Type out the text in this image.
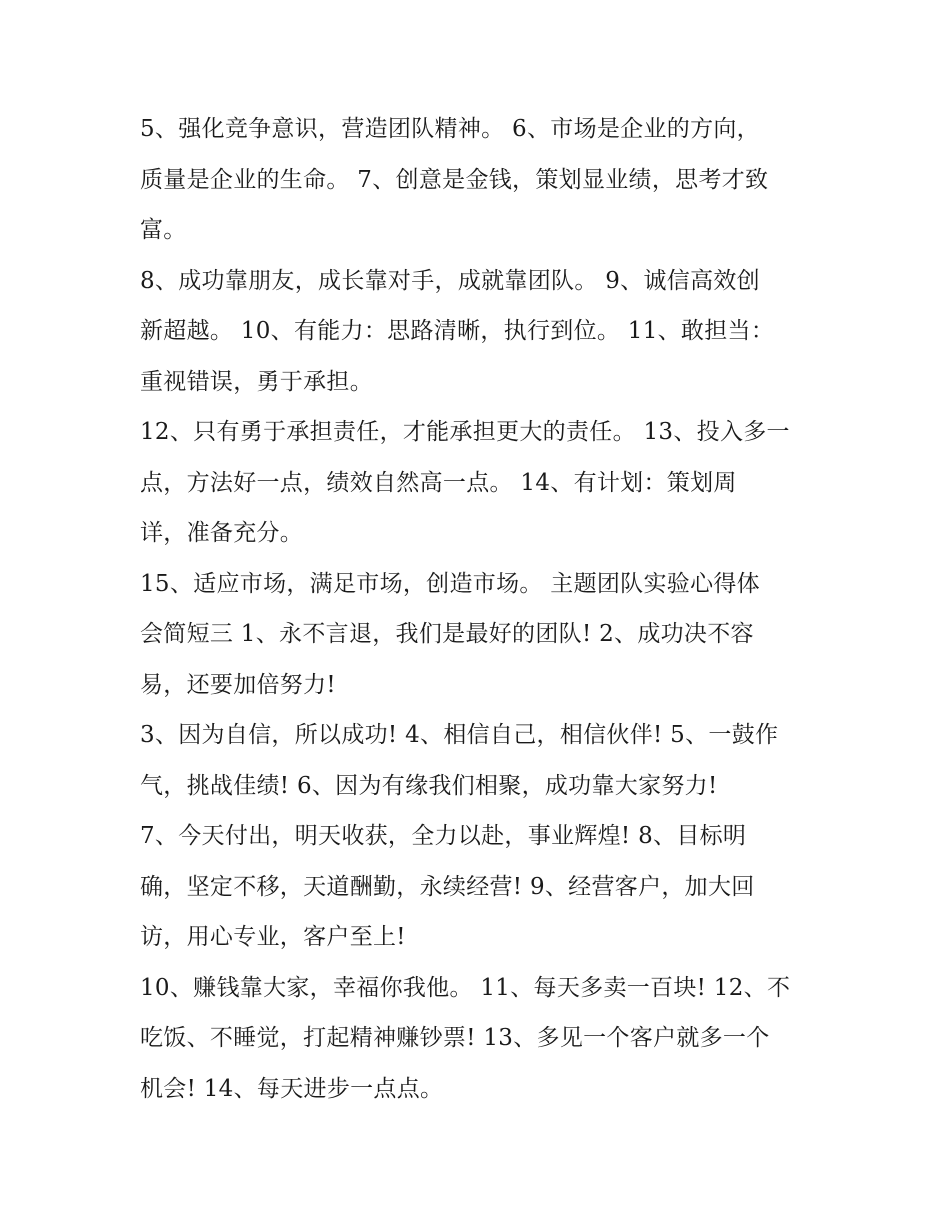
5、强化竞争意识，营造团队精神。 6、市场是企业的方向，
质量是企业的生命。 7、创意是金钱，策划显业绩，思考才致
富。
8、成功靠朋友，成长靠对手，成就靠团队。 9、诚信高效创
新超越。 10、有能力：思路清晰，执行到位。 11、敢担当：
重视错误，勇于承担。
12、只有勇于承担责任，才能承担更大的责任。 13、投入多一
点，方法好一点，绩效自然高一点。 14、有计划：策划周
详，准备充分。
15、适应市场，满足市场，创造市场。 主题团队实验心得体
会简短三 1、永不言退，我们是最好的团队! 2、成功决不容
易，还要加倍努力!
3、因为自信，所以成功! 4、相信自己，相信伙伴! 5、一鼓作
气，挑战佳绩! 6、因为有缘我们相聚，成功靠大家努力!
7、今天付出，明天收获，全力以赴，事业辉煌! 8、目标明
确，坚定不移，天道酬勤，永续经营! 9、经营客户，加大回
访，用心专业，客户至上!
10、赚钱靠大家，幸福你我他。 11、每天多卖一百块! 12、不
吃饭、不睡觉，打起精神赚钞票! 13、多见一个客户就多一个
机会! 14、每天进步一点点。
